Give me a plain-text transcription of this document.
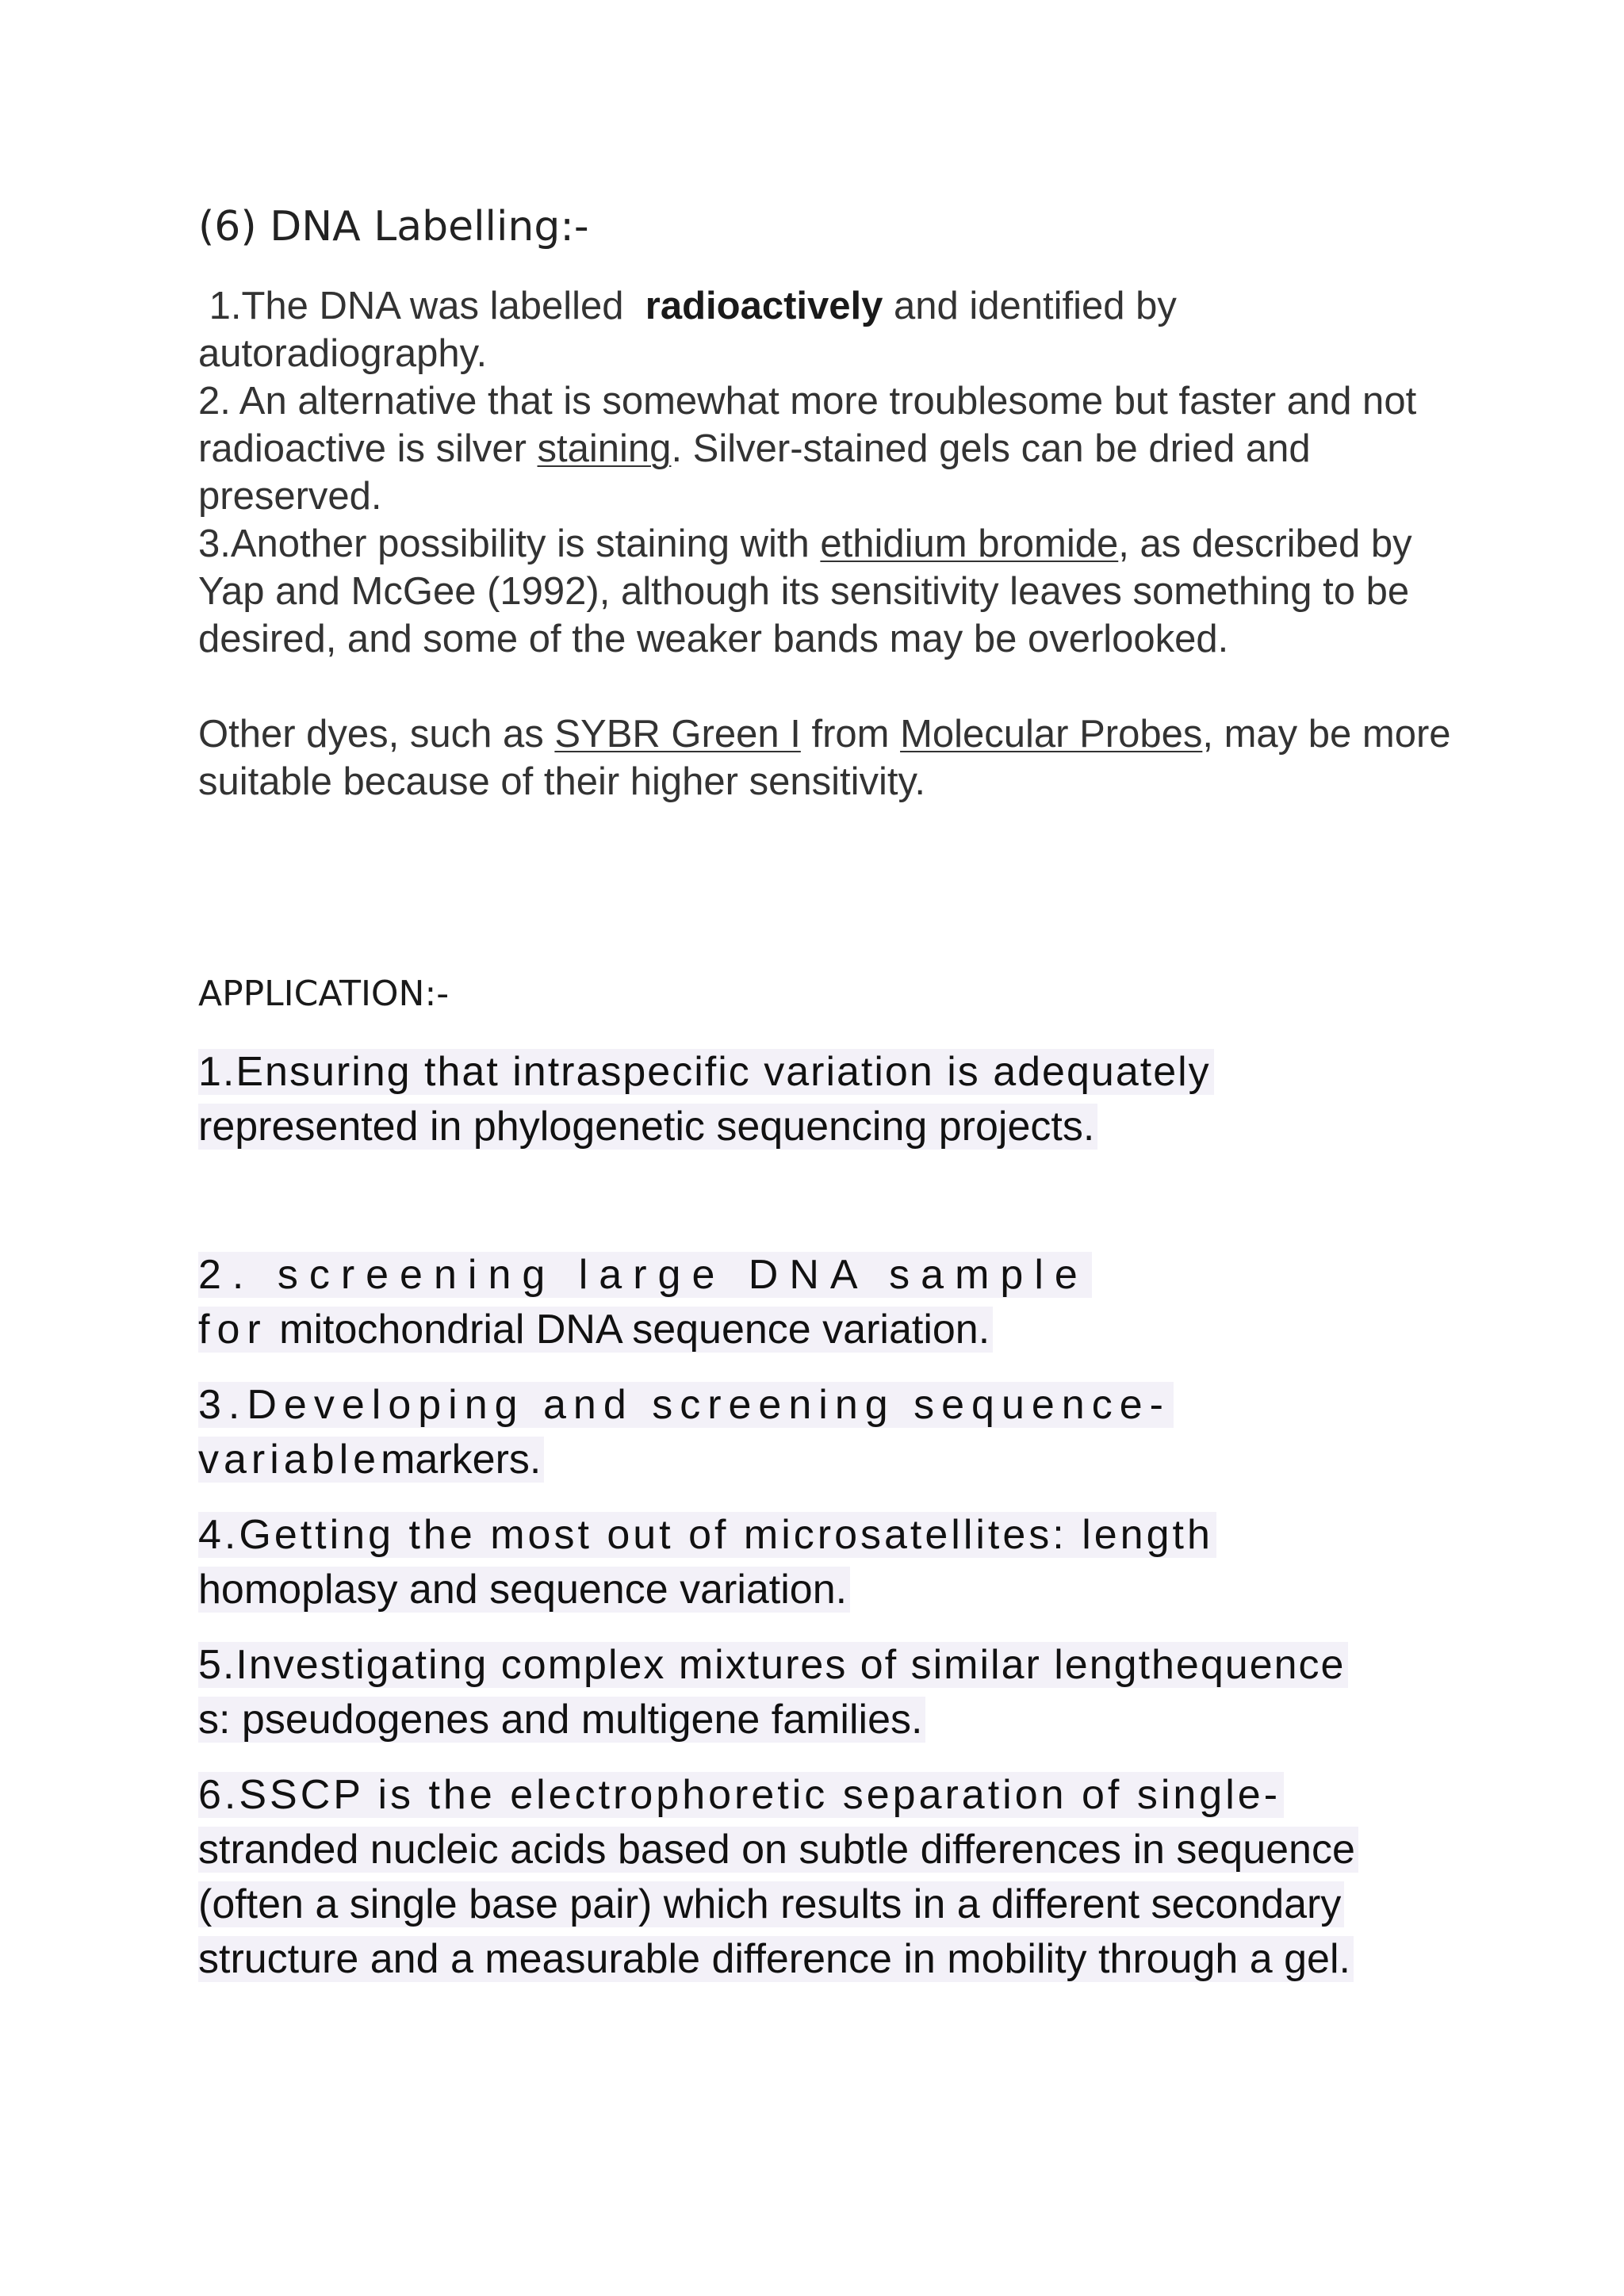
(6) DNA Labelling:-

1.The DNA was labelled  radioactively and identified by autoradiography.

2. An alternative that is somewhat more troublesome but faster and not radioactive is silver staining. Silver-stained gels can be dried and preserved.

3.Another possibility is staining with ethidium bromide, as described by Yap and McGee (1992), although its sensitivity leaves something to be desired, and some of the weaker bands may be overlooked.

Other dyes, such as SYBR Green I from Molecular Probes, may be more suitable because of their higher sensitivity.

APPLICATION:-
1.Ensuring that intraspecific variation is adequately
represented in phylogenetic sequencing projects.
2. screening large DNA sample
for mitochondrial DNA sequence variation.
3.Developing and screening sequence-
variablemarkers.
4.Getting the most out of microsatellites: length
homoplasy and sequence variation.
5.Investigating complex mixtures of similar lengthequence
s: pseudogenes and multigene families.
6.SSCP is the electrophoretic separation of single-
stranded nucleic acids based on subtle differences in sequence
(often a single base pair) which results in a different secondary
structure and a measurable difference in mobility through a gel.
